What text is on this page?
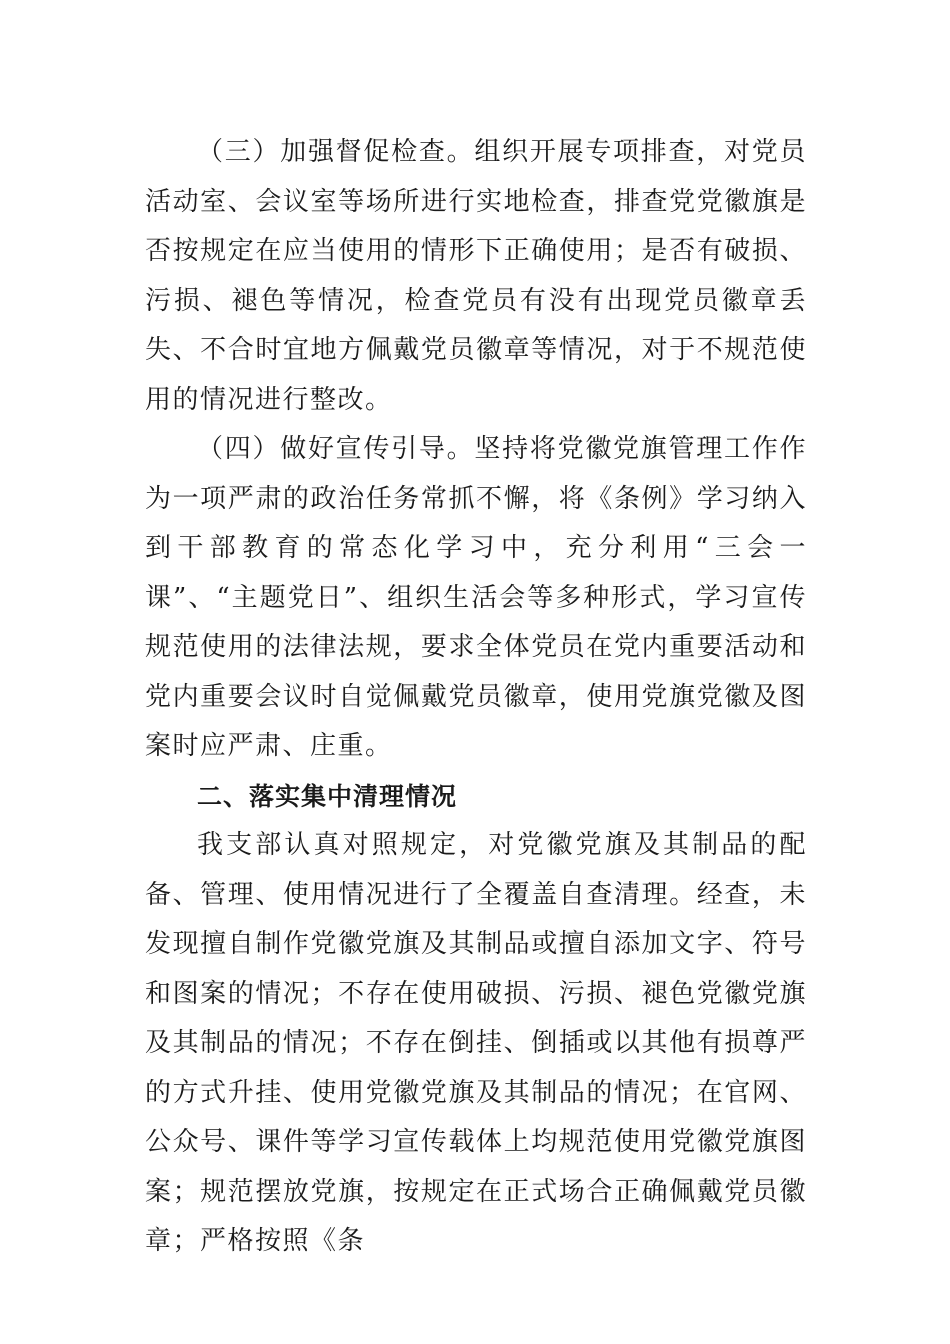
（三）加强督促检查。组织开展专项排查，对党员活动室、会议室等场所进行实地检查，排查党党徽旗是否按规定在应当使用的情形下正确使用；是否有破损、污损、褪色等情况，检查党员有没有出现党员徽章丢失、不合时宜地方佩戴党员徽章等情况，对于不规范使用的情况进行整改。

（四）做好宣传引导。坚持将党徽党旗管理工作作为一项严肃的政治任务常抓不懈，将《条例》学习纳入到干部教育的常态化学习中，充分利用“三会一课”、“主题党日”、组织生活会等多种形式，学习宣传规范使用的法律法规，要求全体党员在党内重要活动和党内重要会议时自觉佩戴党员徽章，使用党旗党徽及图案时应严肃、庄重。

二、落实集中清理情况

我支部认真对照规定，对党徽党旗及其制品的配备、管理、使用情况进行了全覆盖自查清理。经查，未发现擅自制作党徽党旗及其制品或擅自添加文字、符号和图案的情况；不存在使用破损、污损、褪色党徽党旗及其制品的情况；不存在倒挂、倒插或以其他有损尊严的方式升挂、使用党徽党旗及其制品的情况；在官网、公众号、课件等学习宣传载体上均规范使用党徽党旗图案；规范摆放党旗，按规定在正式场合正确佩戴党员徽章；严格按照《条
